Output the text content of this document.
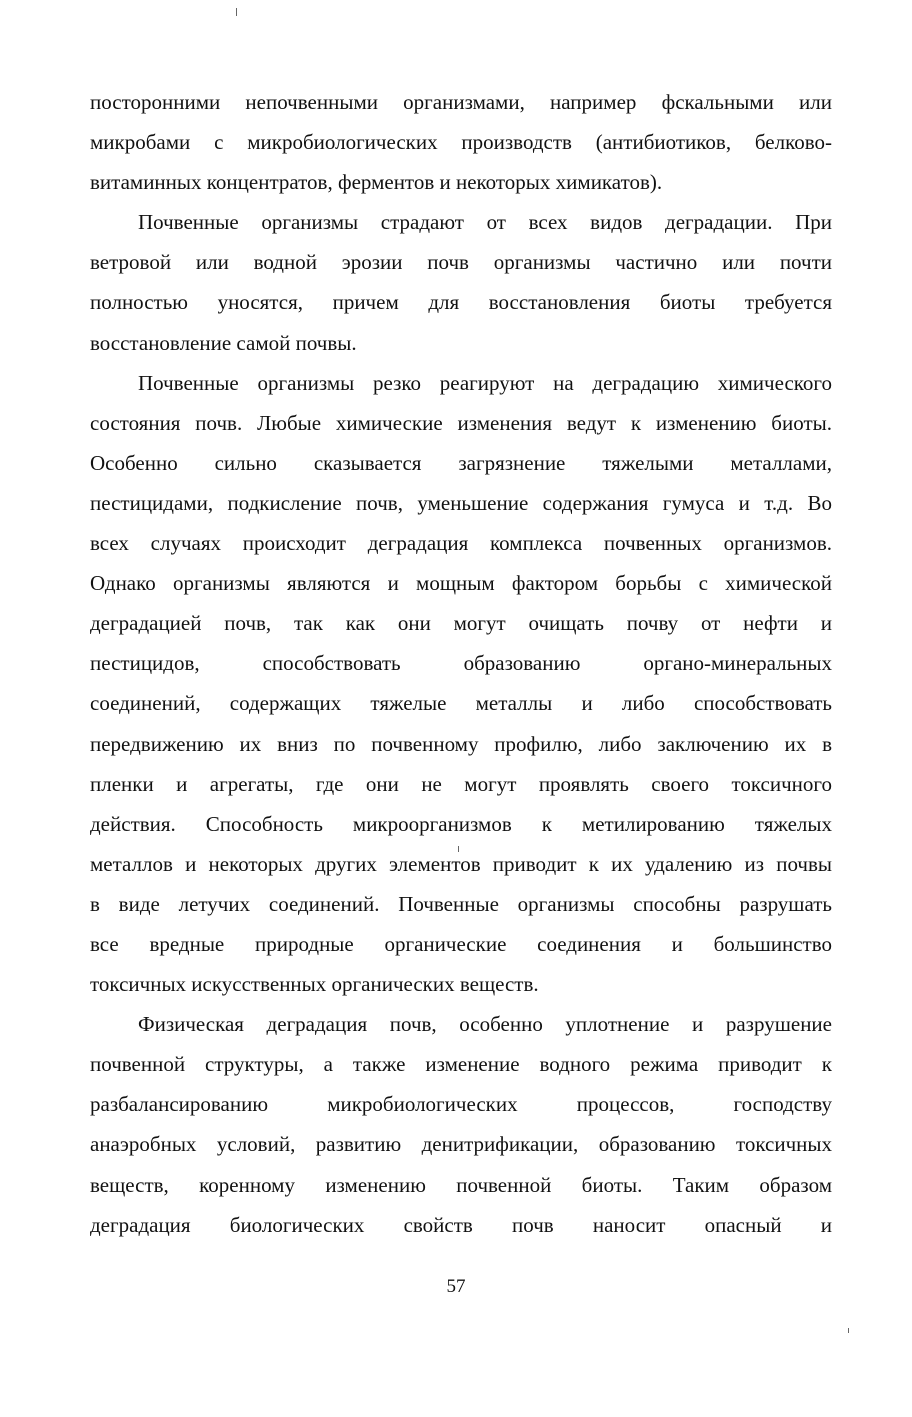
посторонними непочвенными организмами, например фскальными или
микробами с микробиологических производств (антибиотиков, белково-
витаминных концентратов, ферментов и некоторых химикатов).
Почвенные организмы страдают от всех видов деградации. При
ветровой или водной эрозии почв организмы частично или почти
полностью уносятся, причем для восстановления биоты требуется
восстановление самой почвы.
Почвенные организмы резко реагируют на деградацию химического
состояния почв. Любые химические изменения ведут к изменению биоты.
Особенно сильно сказывается загрязнение тяжелыми металлами,
пестицидами, подкисление почв, уменьшение содержания гумуса и т.д. Во
всех случаях происходит деградация комплекса почвенных организмов.
Однако организмы являются и мощным фактором борьбы с химической
деградацией почв, так как они могут очищать почву от нефти и
пестицидов, способствовать образованию органо-минеральных
соединений, содержащих тяжелые металлы и либо способствовать
передвижению их вниз по почвенному профилю, либо заключению их в
пленки и агрегаты, где они не могут проявлять своего токсичного
действия. Способность микроорганизмов к метилированию тяжелых
металлов и некоторых других элементов приводит к их удалению из почвы
в виде летучих соединений. Почвенные организмы способны разрушать
все вредные природные органические соединения и большинство
токсичных искусственных органических веществ.
Физическая деградация почв, особенно уплотнение и разрушение
почвенной структуры, а также изменение водного режима приводит к
разбалансированию микробиологических процессов, господству
анаэробных условий, развитию денитрификации, образованию токсичных
веществ, коренному изменению почвенной биоты. Таким образом
деградация биологических свойств почв наносит опасный и
57
